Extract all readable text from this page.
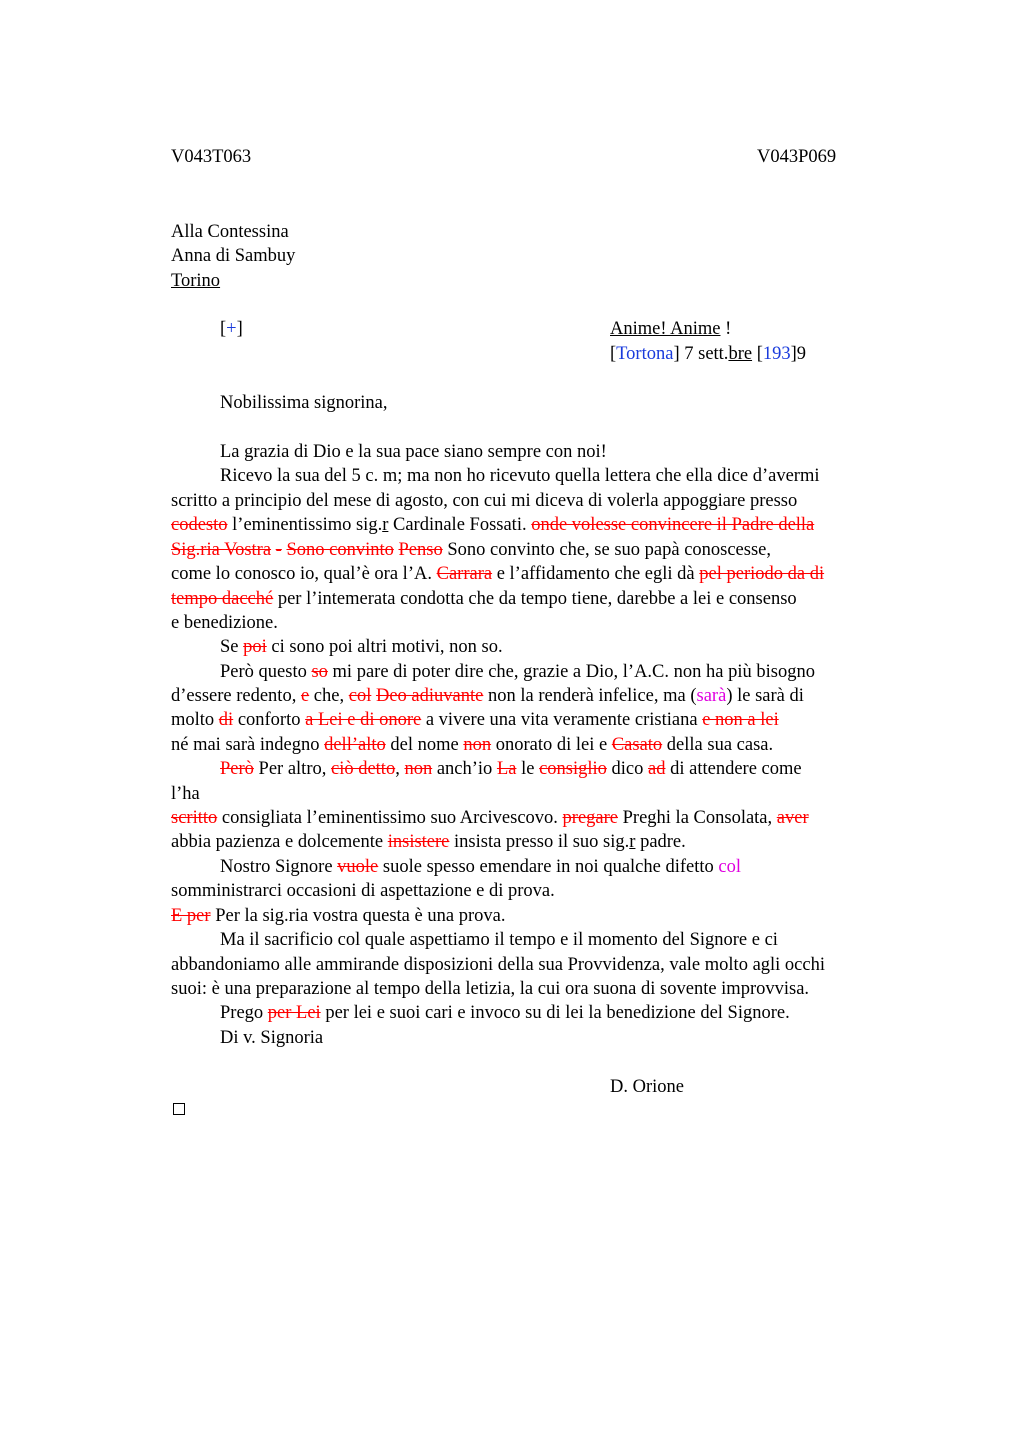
V043T063	V043P069
Alla Contessina
Anna di Sambuy
Torino
[+]	Anime! Anime !
[Tortona] 7 sett.bre [193]9
Nobilissima signorina,
La grazia di Dio e la sua pace siano sempre con noi!
Ricevo la sua del 5 c. m; ma non ho ricevuto quella lettera che ella dice d’avermi
scritto a principio del mese di agosto, con cui mi diceva di volerla appoggiare presso
codesto l’eminentissimo sig.r Cardinale Fossati. onde volesse convincere il Padre della
Sig.ria Vostra - Sono convinto Penso Sono convinto che, se suo papà conoscesse,
come lo conosco io, qual’è ora l’A. Carrara e l’affidamento che egli dà pel periodo da di
tempo dacché per l’intemerata condotta che da tempo tiene, darebbe a lei e consenso
e benedizione.
Se poi ci sono poi altri motivi, non so.
Però questo so mi pare di poter dire che, grazie a Dio, l’A.C. non ha più bisogno
d’essere redento, e che, col Deo adiuvante non la renderà infelice, ma (sarà) le sarà di
molto di conforto a Lei e di onore a vivere una vita veramente cristiana e non a lei
né mai sarà indegno dell’alto del nome non onorato di lei e Casato della sua casa.
Però Per altro, ciò detto, non anch’io La le consiglio dico ad di attendere come
l’ha
scritto consigliata l’eminentissimo suo Arcivescovo. pregare Preghi la Consolata, aver
abbia pazienza e dolcemente insistere insista presso il suo sig.r padre.
Nostro Signore vuole suole spesso emendare in noi qualche difetto col
somministrarci occasioni di aspettazione e di prova.
E per Per la sig.ria vostra questa è una prova.
Ma il sacrificio col quale aspettiamo il tempo e il momento del Signore e ci
abbandoniamo alle ammirande disposizioni della sua Provvidenza, vale molto agli occhi
suoi: è una preparazione al tempo della letizia, la cui ora suona di sovente improvvisa.
Prego per Lei per lei e suoi cari e invoco su di lei la benedizione del Signore.
Di v. Signoria
D. Orione
